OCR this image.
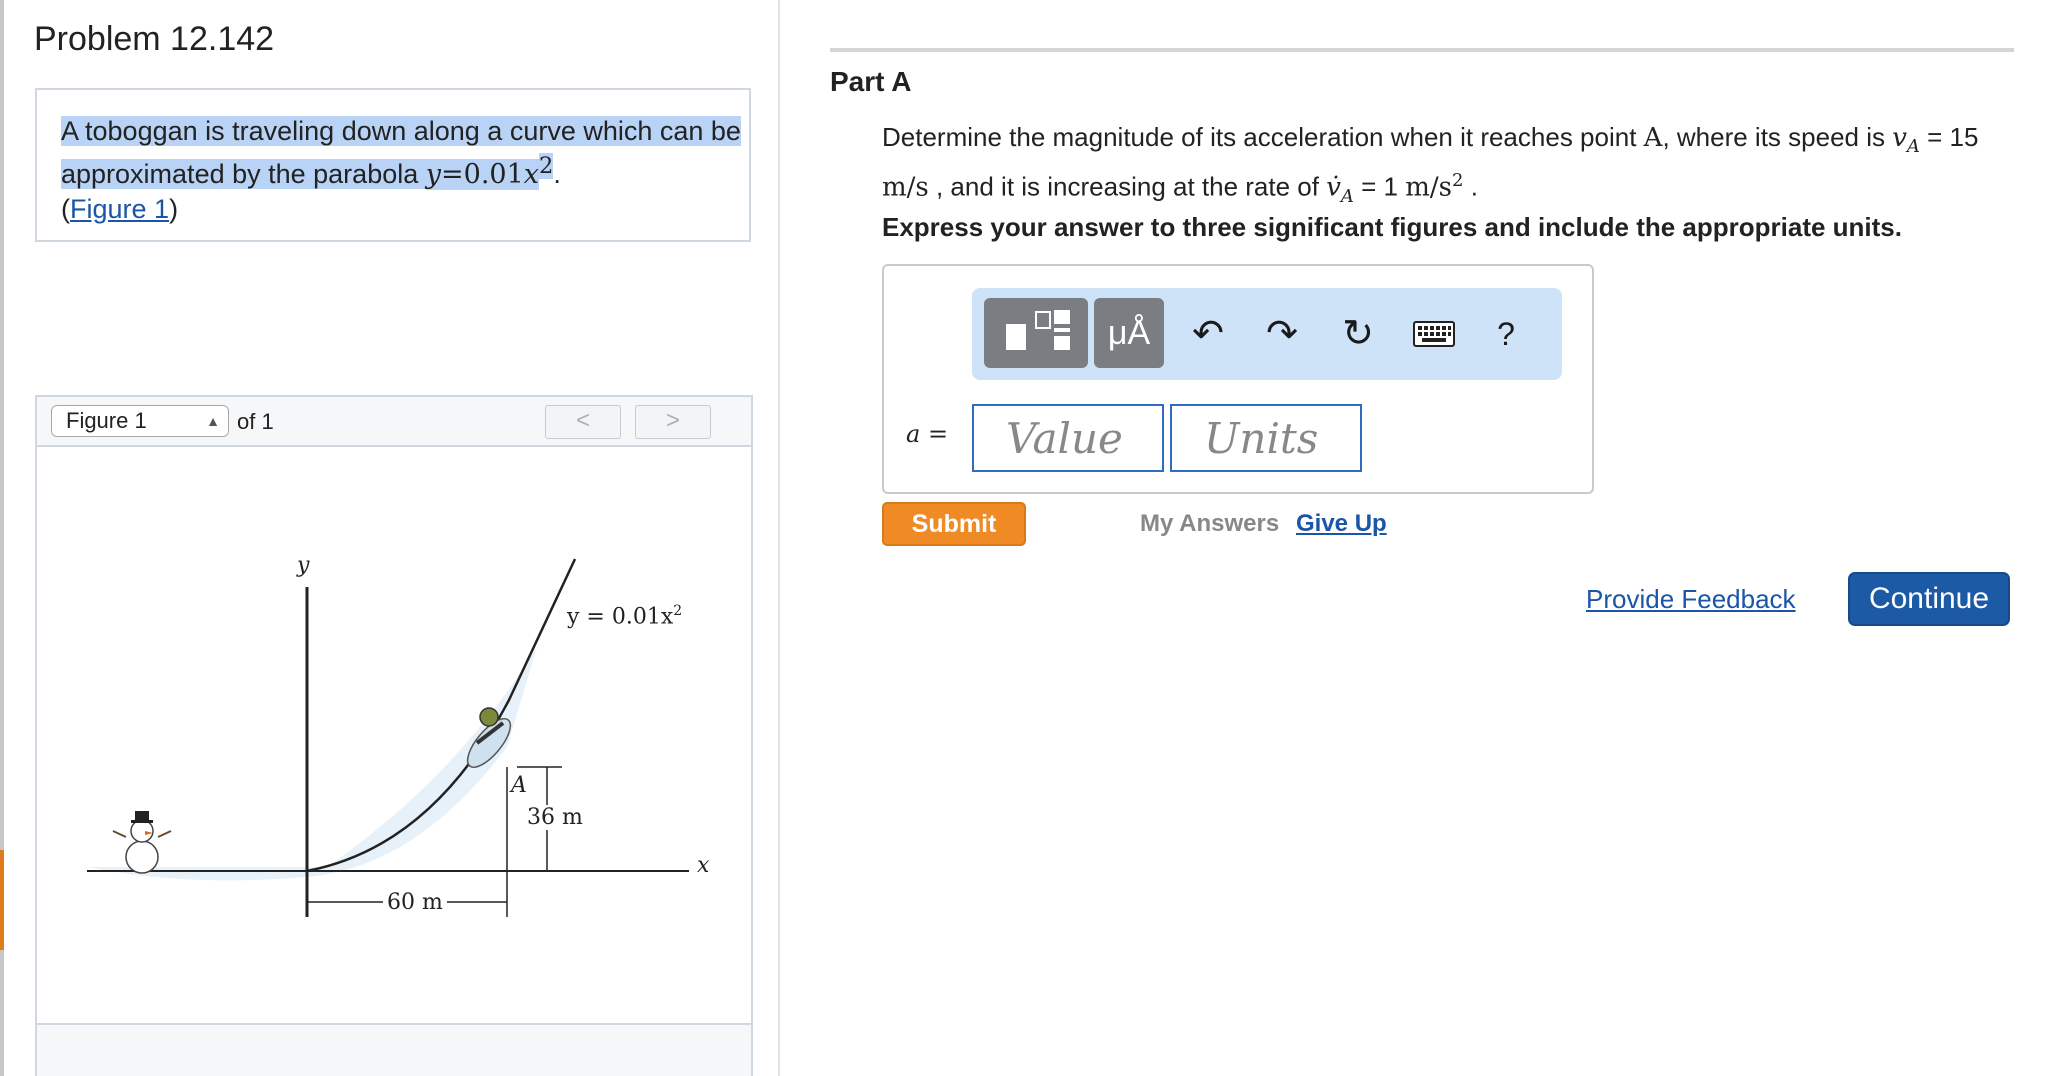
Problem 12.142
A toboggan is traveling down along a curve which can be approximated by the parabola $y=0.01x^2$.
(Figure 1)
Figure 1	▲ of 1	<	>
y
x
$y = 0.01x^2$
A
36 m
60 m
Part A
Determine the magnitude of its acceleration when it reaches point A, where its speed is $v_A = 15$ m/s , and it is increasing at the rate of $v̇_A = 1$ $m/s^2$ .
Express your answer to three significant figures and include the appropriate units.
μÅ	↶	↷	↻	?
a =
Value
Units
Submit	My Answers Give Up
Provide Feedback	Continue
